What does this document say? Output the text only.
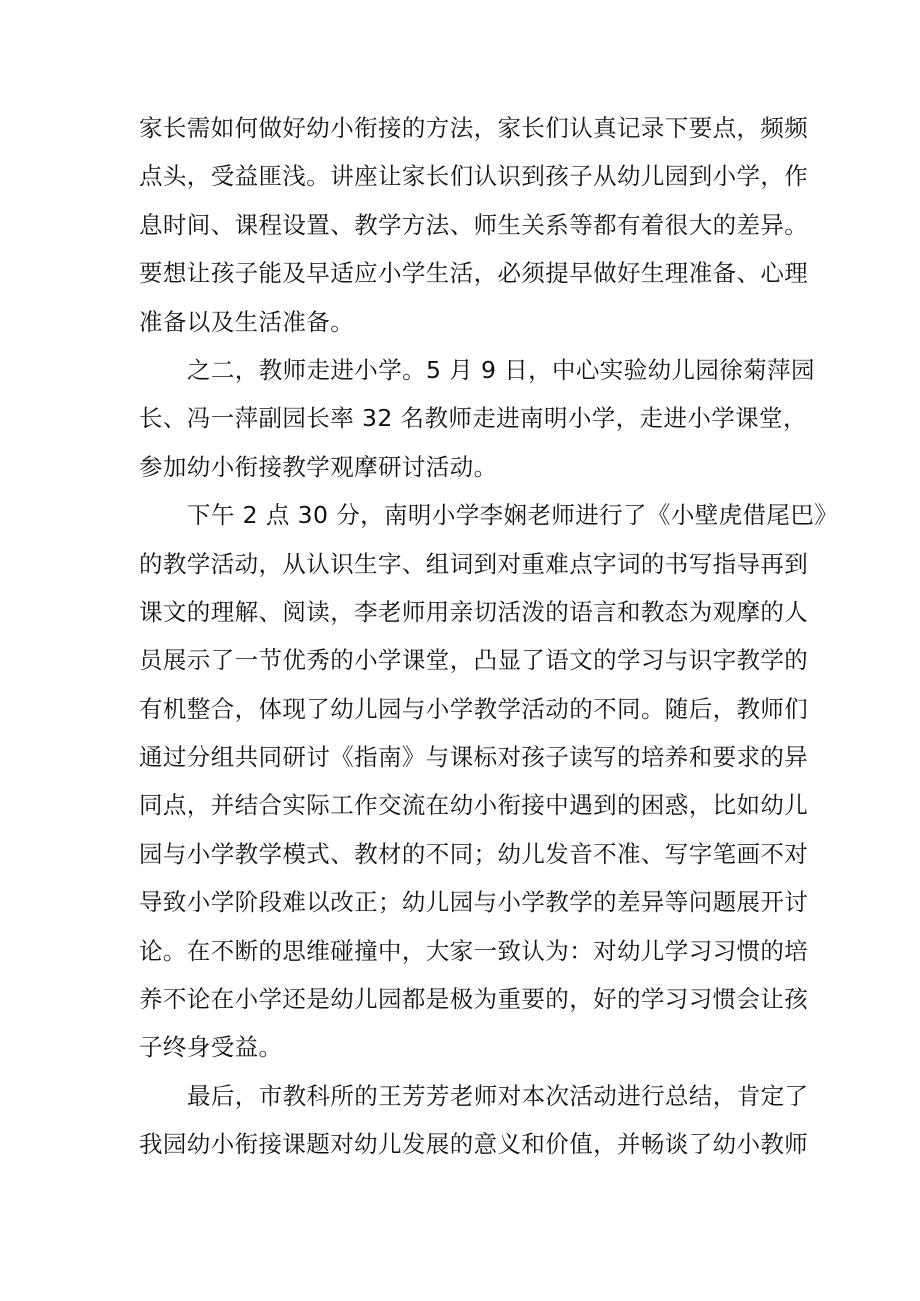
家长需如何做好幼小衔接的方法，家长们认真记录下要点，频频
点头，受益匪浅。讲座让家长们认识到孩子从幼儿园到小学，作
息时间、课程设置、教学方法、师生关系等都有着很大的差异。
要想让孩子能及早适应小学生活，必须提早做好生理准备、心理
准备以及生活准备。
之二，教师走进小学。5 月 9 日，中心实验幼儿园徐菊萍园
长、冯一萍副园长率 32 名教师走进南明小学，走进小学课堂，
参加幼小衔接教学观摩研讨活动。
下午 2 点 30 分，南明小学李娴老师进行了《小壁虎借尾巴》
的教学活动，从认识生字、组词到对重难点字词的书写指导再到
课文的理解、阅读，李老师用亲切活泼的语言和教态为观摩的人
员展示了一节优秀的小学课堂，凸显了语文的学习与识字教学的
有机整合，体现了幼儿园与小学教学活动的不同。随后，教师们
通过分组共同研讨《指南》与课标对孩子读写的培养和要求的异
同点，并结合实际工作交流在幼小衔接中遇到的困惑，比如幼儿
园与小学教学模式、教材的不同；幼儿发音不准、写字笔画不对
导致小学阶段难以改正；幼儿园与小学教学的差异等问题展开讨
论。在不断的思维碰撞中，大家一致认为：对幼儿学习习惯的培
养不论在小学还是幼儿园都是极为重要的，好的学习习惯会让孩
子终身受益。
最后，市教科所的王芳芳老师对本次活动进行总结，肯定了
我园幼小衔接课题对幼儿发展的意义和价值，并畅谈了幼小教师
